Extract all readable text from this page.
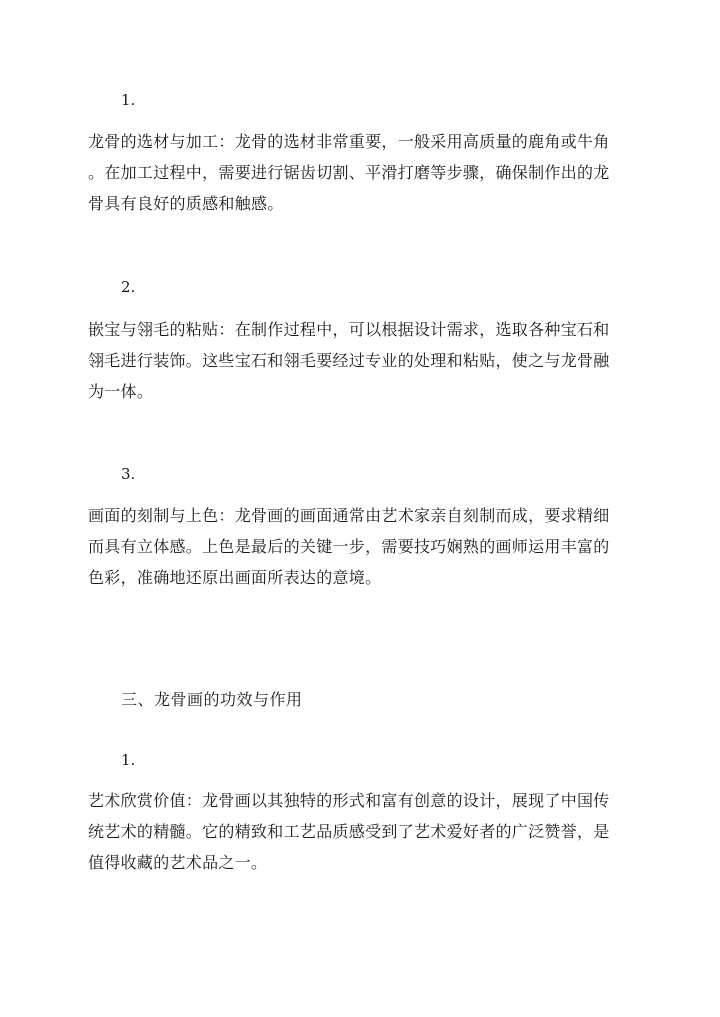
1.

龙骨的选材与加工：龙骨的选材非常重要，一般采用高质量的鹿角或牛角
。在加工过程中，需要进行锯齿切割、平滑打磨等步骤，确保制作出的龙
骨具有良好的质感和触感。

2.

嵌宝与翎毛的粘贴：在制作过程中，可以根据设计需求，选取各种宝石和
翎毛进行装饰。这些宝石和翎毛要经过专业的处理和粘贴，使之与龙骨融
为一体。

3.

画面的刻制与上色：龙骨画的画面通常由艺术家亲自刻制而成，要求精细
而具有立体感。上色是最后的关键一步，需要技巧娴熟的画师运用丰富的
色彩，准确地还原出画面所表达的意境。
三、龙骨画的功效与作用

1.

艺术欣赏价值：龙骨画以其独特的形式和富有创意的设计，展现了中国传
统艺术的精髓。它的精致和工艺品质感受到了艺术爱好者的广泛赞誉，是
值得收藏的艺术品之一。
